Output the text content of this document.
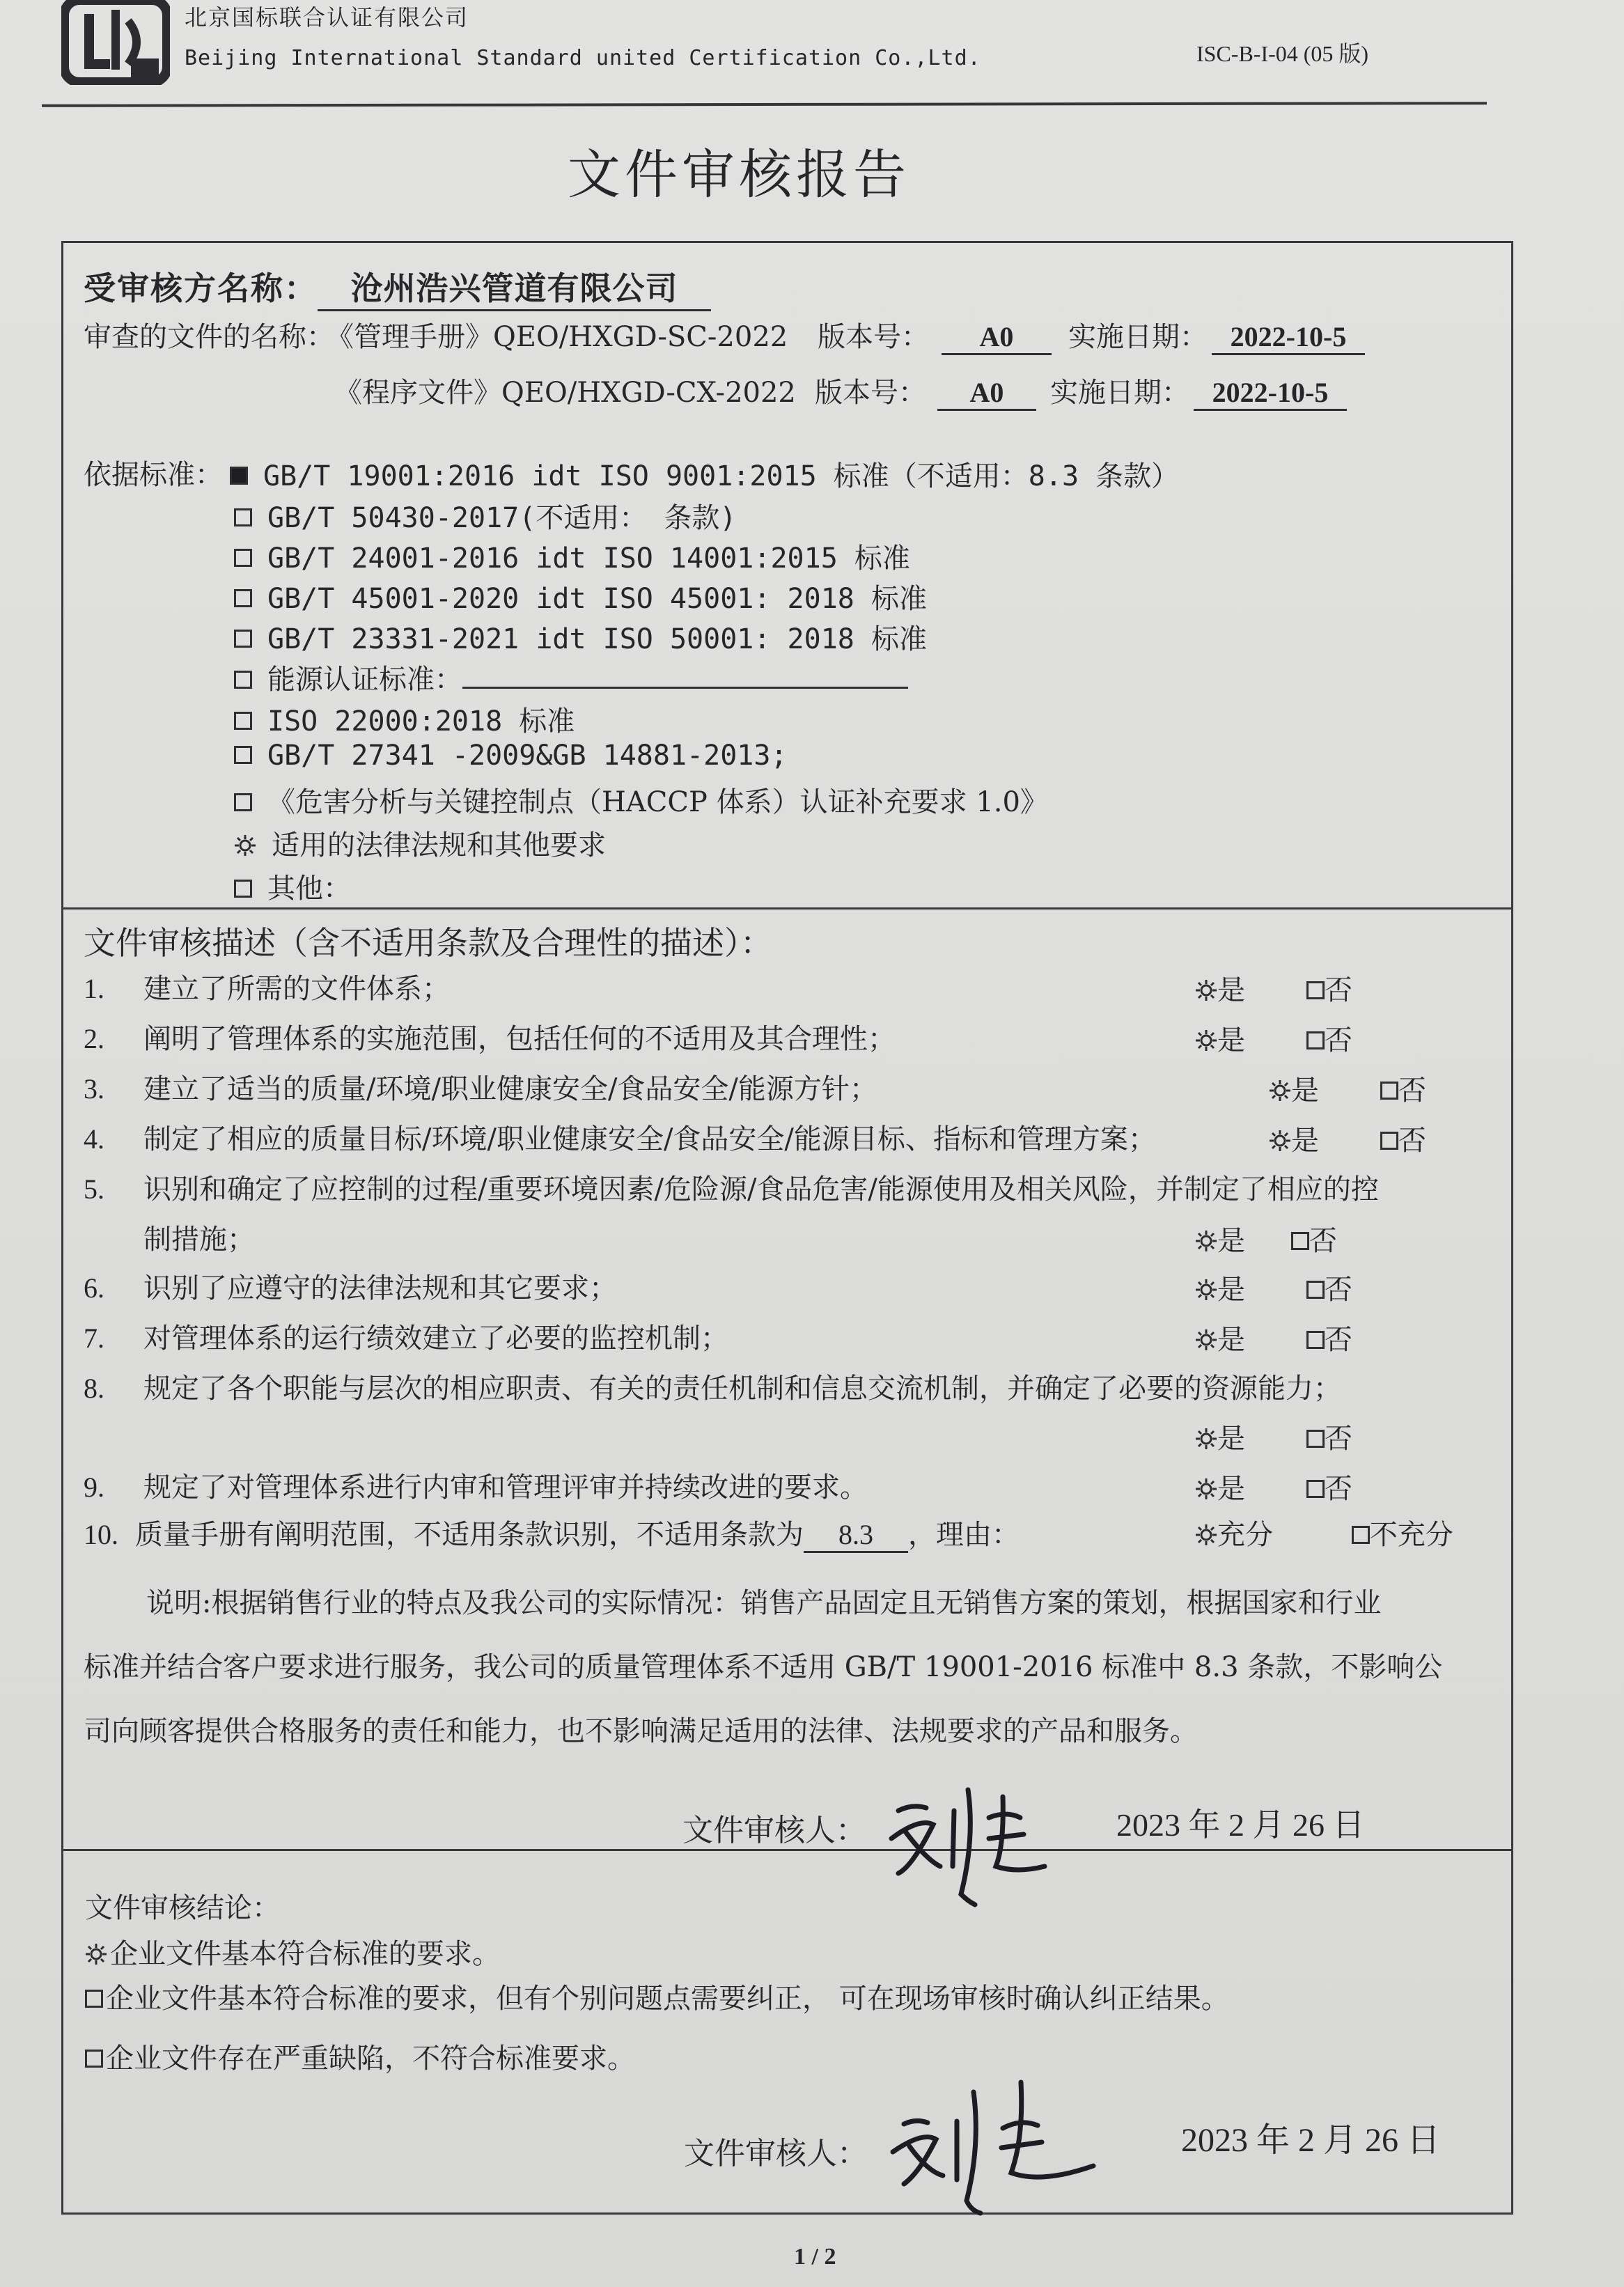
北京国标联合认证有限公司
Beijing International Standard united Certification Co.,Ltd.	ISC-B-I-04 (05 版)
文件审核报告
受审核方名称： 沧州浩兴管道有限公司
审查的文件的名称： 《管理手册》QEO/HXGD-SC-2022 版本号： A0	实施日期： 2022-10-5
《程序文件》QEO/HXGD-CX-2022 版本号： A0	实施日期： 2022-10-5
依据标准：	GB/T 19001:2016 idt ISO 9001:2015 标准（不适用：8.3 条款）
GB/T 50430-2017(不适用： 条款)
GB/T 24001-2016 idt ISO 14001:2015 标准
GB/T 45001-2020 idt ISO 45001: 2018 标准
GB/T 23331-2021 idt ISO 50001: 2018 标准
能源认证标准：
ISO 22000:2018 标准
GB/T 27341 -2009&GB 14881-2013;
《危害分析与关键控制点（HACCP 体系）认证补充要求 1.0》
适用的法律法规和其他要求
其他：
文件审核描述（含不适用条款及合理性的描述）：
1. 建立了所需的文件体系；	是	否
2. 阐明了管理体系的实施范围，包括任何的不适用及其合理性；	是	否
3. 建立了适当的质量/环境/职业健康安全/食品安全/能源方针；	是	否
4. 制定了相应的质量目标/环境/职业健康安全/食品安全/能源目标、指标和管理方案；	是	否
5. 识别和确定了应控制的过程/重要环境因素/危险源/食品危害/能源使用及相关风险，并制定了相应的控
制措施；	是 否
6. 识别了应遵守的法律法规和其它要求；	是	否
7. 对管理体系的运行绩效建立了必要的监控机制；	是	否
8. 规定了各个职能与层次的相应职责、有关的责任机制和信息交流机制，并确定了必要的资源能力；
是	否
9. 规定了对管理体系进行内审和管理评审并持续改进的要求。	是	否
10. 质量手册有阐明范围，不适用条款识别，不适用条款为 8.3 ，理由：	充分	不充分
说明:根据销售行业的特点及我公司的实际情况：销售产品固定且无销售方案的策划，根据国家和行业
标准并结合客户要求进行服务，我公司的质量管理体系不适用 GB/T 19001-2016 标准中 8.3 条款，不影响公
司向顾客提供合格服务的责任和能力，也不影响满足适用的法律、法规要求的产品和服务。
文件审核人：	2023 年 2 月 26 日
文件审核结论：
企业文件基本符合标准的要求。
企业文件基本符合标准的要求，但有个别问题点需要纠正， 可在现场审核时确认纠正结果。
企业文件存在严重缺陷，不符合标准要求。
文件审核人：	2023 年 2 月 26 日
1 / 2
